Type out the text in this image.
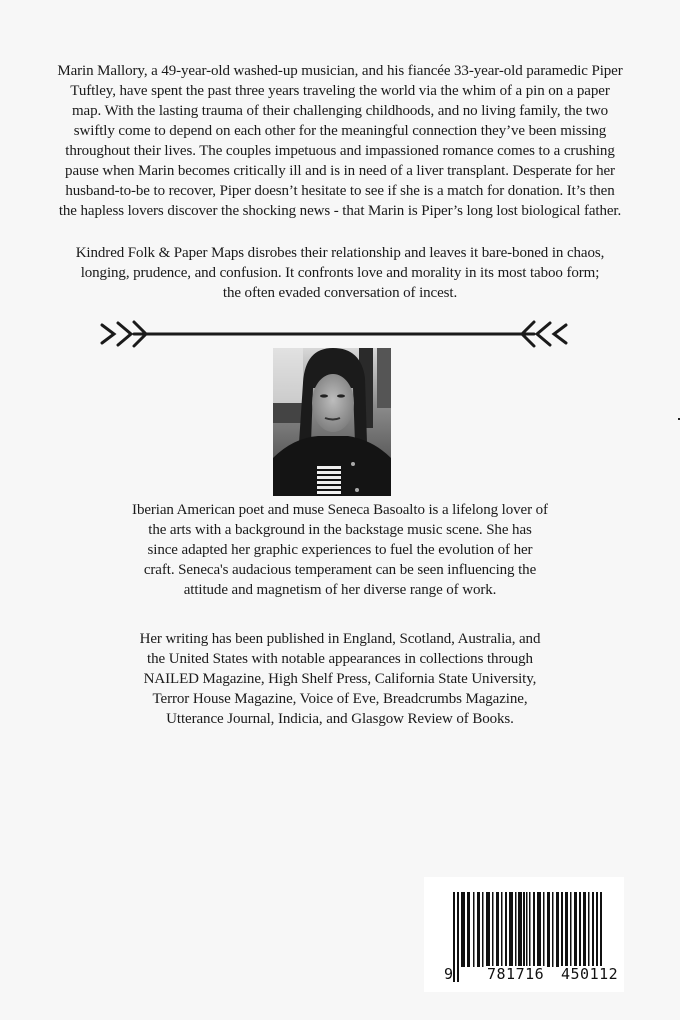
Marin Mallory, a 49-year-old washed-up musician, and his fiancée 33-year-old paramedic Piper
Tuftley, have spent the past three years traveling the world via the whim of a pin on a paper
map. With the lasting trauma of their challenging childhoods, and no living family, the two
swiftly come to depend on each other for the meaningful connection they’ve been missing
throughout their lives. The couples impetuous and impassioned romance comes to a crushing
pause when Marin becomes critically ill and is in need of a liver transplant. Desperate for her
husband-to-be to recover, Piper doesn’t hesitate to see if she is a match for donation. It’s then
the hapless lovers discover the shocking news - that Marin is Piper’s long lost biological father.
Kindred Folk & Paper Maps disrobes their relationship and leaves it bare-boned in chaos,
longing, prudence, and confusion. It confronts love and morality in its most taboo form;
the often evaded conversation of incest.
Iberian American poet and muse Seneca Basoalto is a lifelong lover of
the arts with a background in the backstage music scene. She has
since adapted her graphic experiences to fuel the evolution of her
craft. Seneca's audacious temperament can be seen influencing the
attitude and magnetism of her diverse range of work.
Her writing has been published in England, Scotland, Australia, and
the United States with notable appearances in collections through
NAILED Magazine, High Shelf Press, California State University,
Terror House Magazine, Voice of Eve, Breadcrumbs Magazine,
Utterance Journal, Indicia, and Glasgow Review of Books.
9 781716 450112
